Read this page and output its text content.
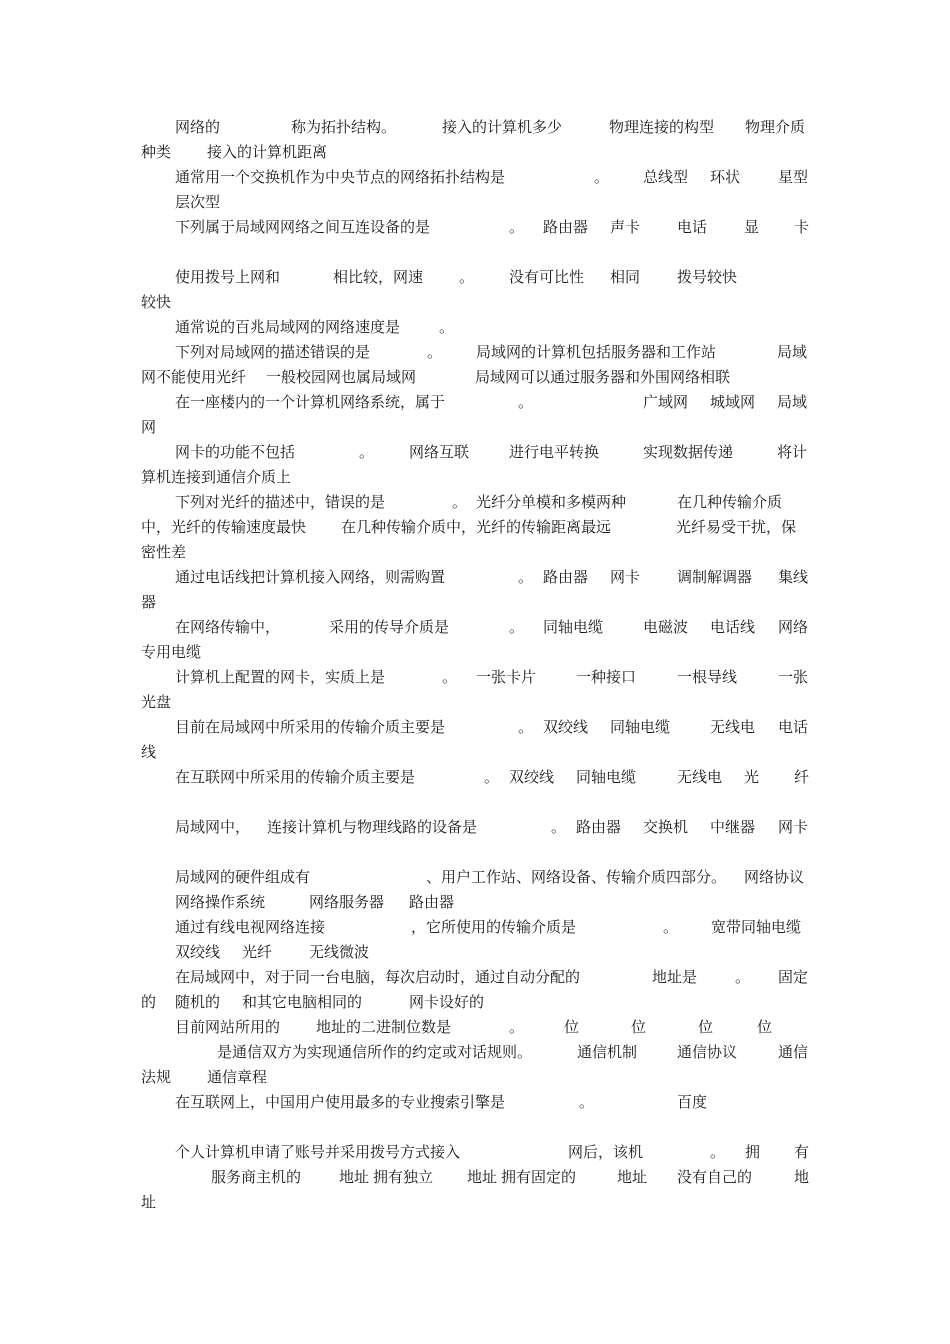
网络的	称为拓扑结构。	接入的计算机多少	物理连接的构型 物理介质
种类 接入的计算机距离
通常用一个交换机作为中央节点的网络拓扑结构是	。 总线型 环状	星型
层次型
下列属于局域网网络之间互连设备的是	。 路由器 声卡 电话 显 卡
使用拨号上网和	相比较，网速 。 没有可比性 相同 拨号较快
较快
通常说的百兆局域网的网络速度是	。
下列对局域网的描述错误的是	。 局域网的计算机包括服务器和工作站	局域
网不能使用光纤 一般校园网也属局域网	局域网可以通过服务器和外围网络相联
在一座楼内的一个计算机网络系统，属于	。	广域网 城域网 局域
网
网卡的功能不包括	。 网络互联	进行电平转换	实现数据传递	将计
算机连接到通信介质上
下列对光纤的描述中，错误的是	。 光纤分单模和多模两种	在几种传输介质
中，光纤的传输速度最快 在几种传输介质中，光纤的传输距离最远	光纤易受干扰，保
密性差
通过电话线把计算机接入网络，则需购置	。 路由器 网卡 调制解调器 集线
器
在网络传输中，	采用的传导介质是	。 同轴电缆	电磁波 电话线 网络
专用电缆
计算机上配置的网卡，实质上是	。 一张卡片	一种接口	一根导线	一张
光盘
目前在局域网中所采用的传输介质主要是	。 双绞线 同轴电缆	无线电 电话
线
在互联网中所采用的传输介质主要是	。 双绞线 同轴电缆	无线电 光 纤
局域网中， 连接计算机与物理线路的设备是	。 路由器 交换机 中继器 网卡
局域网的硬件组成有	、用户工作站、网络设备、传输介质四部分。 网络协议
网络操作系统	网络服务器 路由器
通过有线电视网络连接	，它所使用的传输介质是	。 宽带同轴电缆
双绞线 光纤 无线微波
在局域网中，对于同一台电脑，每次启动时，通过自动分配的	地址是	。 固定
的 随机的 和其它电脑相同的	网卡设好的
目前网站所用的 地址的二进制位数是	。	位	位	位	位
是通信双方为实现通信所作的约定或对话规则。	通信机制	通信协议	通信
法规 通信章程
在互联网上，中国用户使用最多的专业搜索引擎是	。	百度
个人计算机申请了账号并采用拨号方式接入	网后，该机	。 拥 有
服务商主机的	地址 拥有独立 地址 拥有固定的	地址 没有自己的	地
址
